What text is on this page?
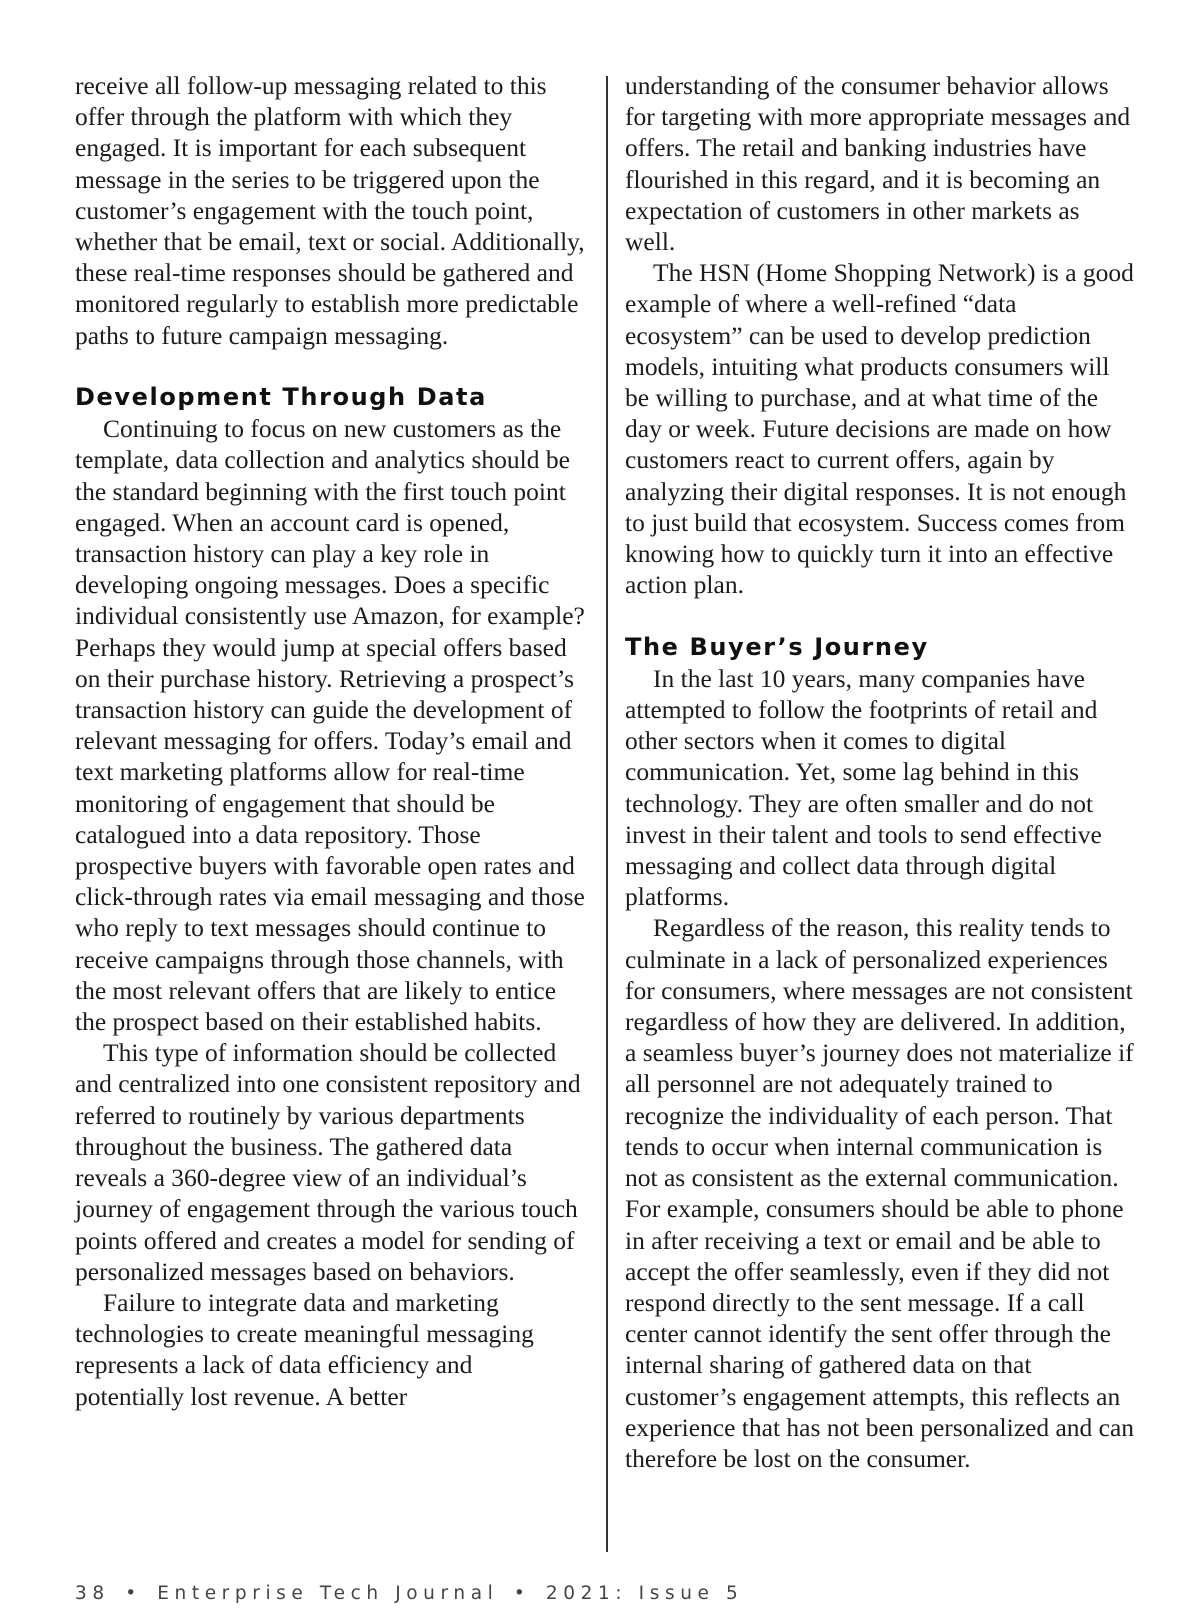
receive all follow-up messaging related to this offer through the platform with which they engaged. It is important for each subsequent message in the series to be triggered upon the customer’s engagement with the touch point, whether that be email, text or social. Additionally, these real-time responses should be gathered and monitored regularly to establish more predictable paths to future campaign messaging.

Development Through Data

Continuing to focus on new customers as the template, data collection and analytics should be the standard beginning with the first touch point engaged. When an account card is opened, transaction history can play a key role in developing ongoing messages. Does a specific individual consistently use Amazon, for example? Perhaps they would jump at special offers based on their purchase history. Retrieving a prospect’s transaction history can guide the development of relevant messaging for offers. Today’s email and text marketing platforms allow for real-time monitoring of engagement that should be catalogued into a data repository. Those prospective buyers with favorable open rates and click-through rates via email messaging and those who reply to text messages should continue to receive campaigns through those channels, with the most relevant offers that are likely to entice the prospect based on their established habits.

This type of information should be collected and centralized into one consistent repository and referred to routinely by various departments throughout the business. The gathered data reveals a 360-degree view of an individual’s journey of engagement through the various touch points offered and creates a model for sending of personalized messages based on behaviors.

Failure to integrate data and marketing technologies to create meaningful messaging represents a lack of data efficiency and potentially lost revenue. A better

understanding of the consumer behavior allows for targeting with more appropriate messages and offers. The retail and banking industries have flourished in this regard, and it is becoming an expectation of customers in other markets as well.

The HSN (Home Shopping Network) is a good example of where a well-refined “data ecosystem” can be used to develop prediction models, intuiting what products consumers will be willing to purchase, and at what time of the day or week. Future decisions are made on how customers react to current offers, again by analyzing their digital responses. It is not enough to just build that ecosystem. Success comes from knowing how to quickly turn it into an effective action plan.

The Buyer’s Journey

In the last 10 years, many companies have attempted to follow the footprints of retail and other sectors when it comes to digital communication. Yet, some lag behind in this technology. They are often smaller and do not invest in their talent and tools to send effective messaging and collect data through digital platforms.

Regardless of the reason, this reality tends to culminate in a lack of personalized experiences for consumers, where messages are not consistent regardless of how they are delivered. In addition, a seamless buyer’s journey does not materialize if all personnel are not adequately trained to recognize the individuality of each person. That tends to occur when internal communication is not as consistent as the external communication. For example, consumers should be able to phone in after receiving a text or email and be able to accept the offer seamlessly, even if they did not respond directly to the sent message. If a call center cannot identify the sent offer through the internal sharing of gathered data on that customer’s engagement attempts, this reflects an experience that has not been personalized and can therefore be lost on the consumer.

38 • Enterprise Tech Journal • 2021: Issue 5
